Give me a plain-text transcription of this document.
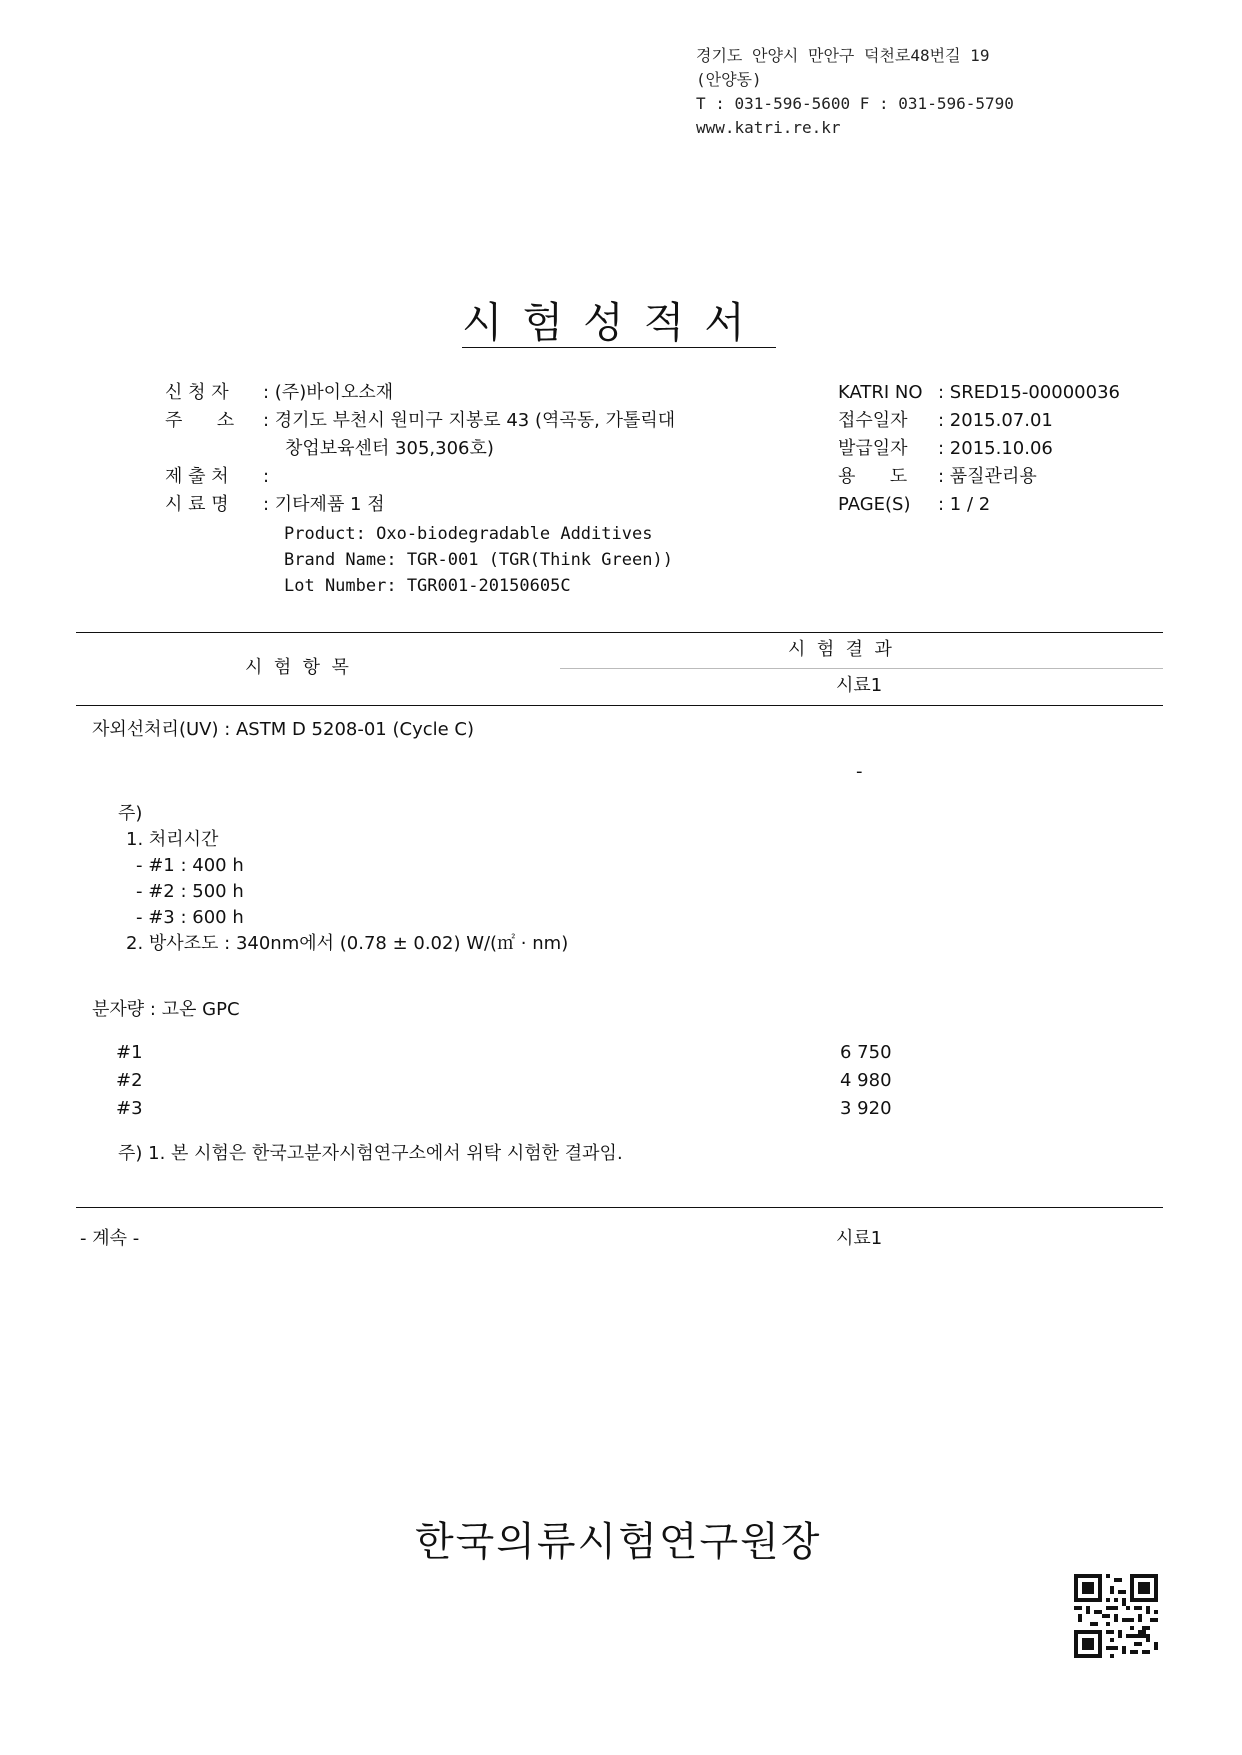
경기도 안양시 만안구 덕천로48번길 19
(안양동)
T : 031-596-5600 F : 031-596-5790
www.katri.re.kr
시험성적서
신 청 자 : (주)바이오소재
주      소 : 경기도 부천시 원미구 지봉로 43 (역곡동, 가톨릭대
창업보육센터 305,306호)
제 출 처 :
시 료 명 : 기타제품 1 점
Product: Oxo-biodegradable Additives
Brand Name: TGR-001 (TGR(Think Green))
Lot Number: TGR001-20150605C
KATRI NO : SRED15-00000036
접수일자 : 2015.07.01
발급일자 : 2015.10.06
용      도 : 품질관리용
PAGE(S) : 1 / 2
시  험  항  목
시  험  결  과
시료1
자외선처리(UV) : ASTM D 5208-01 (Cycle C)
-
주)
1. 처리시간
- #1 : 400 h
- #2 : 500 h
- #3 : 600 h
2. 방사조도 : 340nm에서 (0.78 ± 0.02) W/(㎡ · nm)
분자량 : 고온 GPC
#1	6 750
#2	4 980
#3	3 920
주) 1. 본 시험은 한국고분자시험연구소에서 위탁 시험한 결과임.
- 계속 -	시료1
한국의류시험연구원장
